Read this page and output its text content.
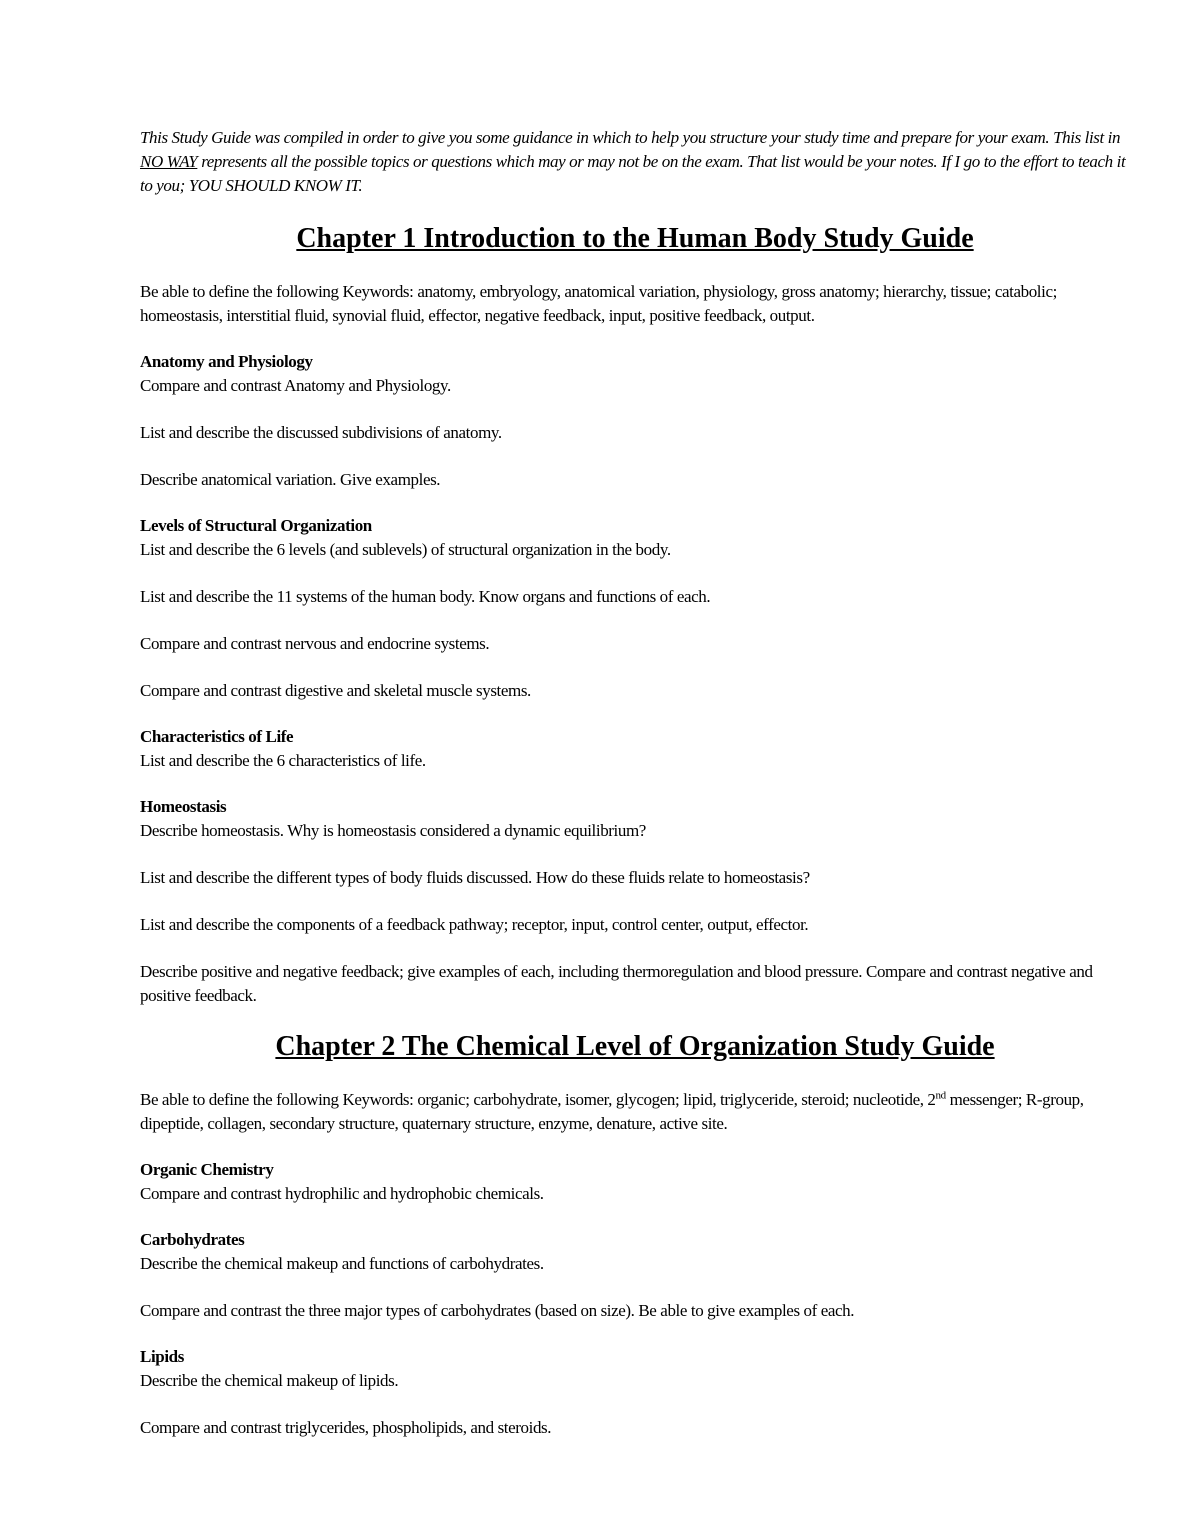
This Study Guide was compiled in order to give you some guidance in which to help you structure your study time and prepare for your exam. This list in NO WAY represents all the possible topics or questions which may or may not be on the exam. That list would be your notes. If I go to the effort to teach it to you; YOU SHOULD KNOW IT.

Chapter 1 Introduction to the Human Body Study Guide

Be able to define the following Keywords: anatomy, embryology, anatomical variation, physiology, gross anatomy; hierarchy, tissue; catabolic; homeostasis, interstitial fluid, synovial fluid, effector, negative feedback, input, positive feedback, output.

Anatomy and Physiology

Compare and contrast Anatomy and Physiology.

List and describe the discussed subdivisions of anatomy.

Describe anatomical variation. Give examples.

Levels of Structural Organization

List and describe the 6 levels (and sublevels) of structural organization in the body.

List and describe the 11 systems of the human body. Know organs and functions of each.

Compare and contrast nervous and endocrine systems.

Compare and contrast digestive and skeletal muscle systems.

Characteristics of Life

List and describe the 6 characteristics of life.

Homeostasis

Describe homeostasis. Why is homeostasis considered a dynamic equilibrium?

List and describe the different types of body fluids discussed. How do these fluids relate to homeostasis?

List and describe the components of a feedback pathway; receptor, input, control center, output, effector.

Describe positive and negative feedback; give examples of each, including thermoregulation and blood pressure. Compare and contrast negative and positive feedback.

Chapter 2 The Chemical Level of Organization Study Guide

Be able to define the following Keywords: organic; carbohydrate, isomer, glycogen; lipid, triglyceride, steroid; nucleotide, 2nd messenger; R-group, dipeptide, collagen, secondary structure, quaternary structure, enzyme, denature, active site.

Organic Chemistry

Compare and contrast hydrophilic and hydrophobic chemicals.

Carbohydrates

Describe the chemical makeup and functions of carbohydrates.

Compare and contrast the three major types of carbohydrates (based on size). Be able to give examples of each.

Lipids

Describe the chemical makeup of lipids.

Compare and contrast triglycerides, phospholipids, and steroids.
